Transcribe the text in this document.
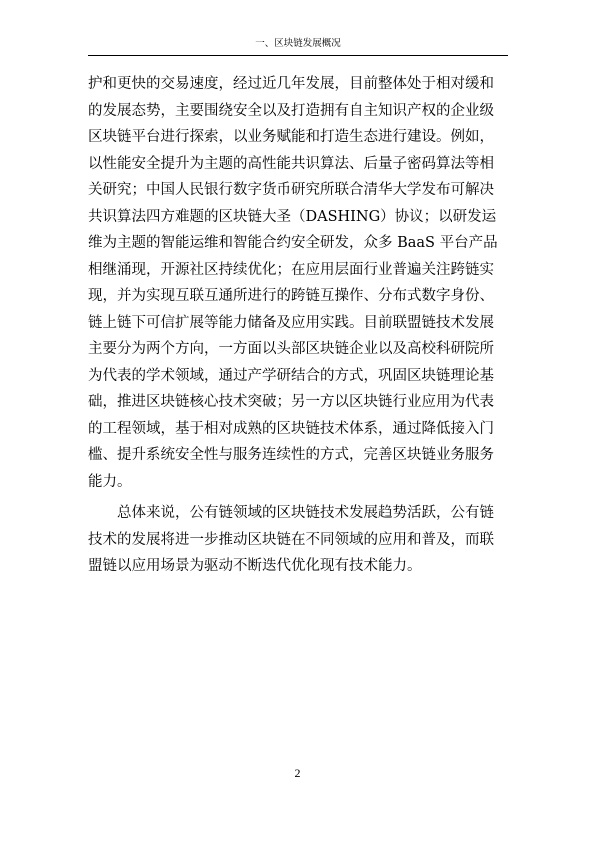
一、区块链发展概况
护和更快的交易速度，经过近几年发展，目前整体处于相对缓和
的发展态势，主要围绕安全以及打造拥有自主知识产权的企业级
区块链平台进行探索，以业务赋能和打造生态进行建设。例如，
以性能安全提升为主题的高性能共识算法、后量子密码算法等相
关研究；中国人民银行数字货币研究所联合清华大学发布可解决
共识算法四方难题的区块链大圣（DASHING）协议；以研发运
维为主题的智能运维和智能合约安全研发，众多 BaaS 平台产品
相继涌现，开源社区持续优化；在应用层面行业普遍关注跨链实
现，并为实现互联互通所进行的跨链互操作、分布式数字身份、
链上链下可信扩展等能力储备及应用实践。目前联盟链技术发展
主要分为两个方向，一方面以头部区块链企业以及高校科研院所
为代表的学术领域，通过产学研结合的方式，巩固区块链理论基
础，推进区块链核心技术突破；另一方以区块链行业应用为代表
的工程领域，基于相对成熟的区块链技术体系，通过降低接入门
槛、提升系统安全性与服务连续性的方式，完善区块链业务服务
能力。
　　总体来说，公有链领域的区块链技术发展趋势活跃，公有链
技术的发展将进一步推动区块链在不同领域的应用和普及，而联
盟链以应用场景为驱动不断迭代优化现有技术能力。
2
